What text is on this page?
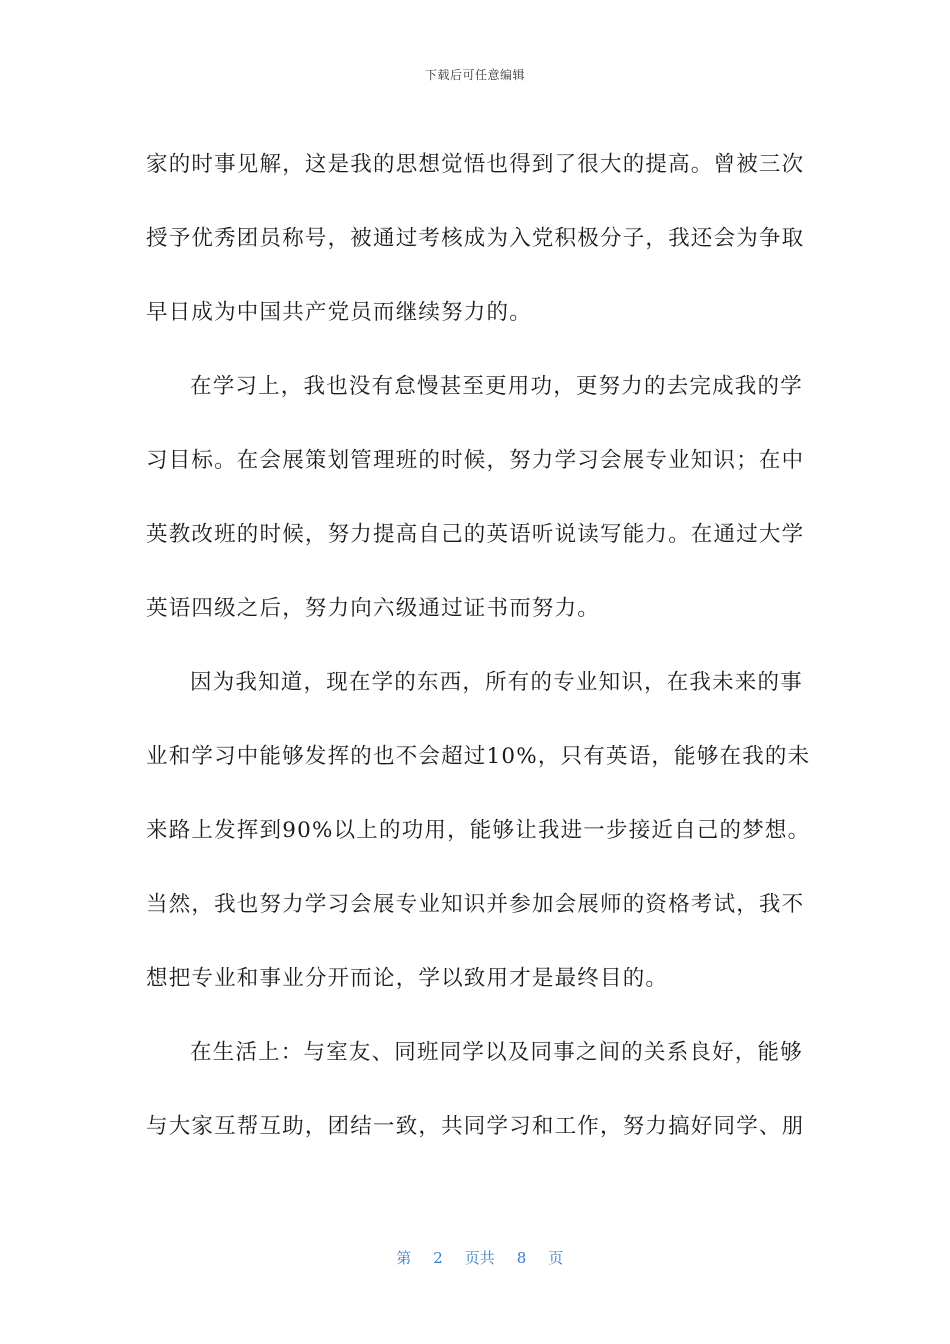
下载后可任意编辑
家的时事见解，这是我的思想觉悟也得到了很大的提高。曾被三次
授予优秀团员称号，被通过考核成为入党积极分子，我还会为争取
早日成为中国共产党员而继续努力的。
在学习上，我也没有怠慢甚至更用功，更努力的去完成我的学
习目标。在会展策划管理班的时候，努力学习会展专业知识；在中
英教改班的时候，努力提高自己的英语听说读写能力。在通过大学
英语四级之后，努力向六级通过证书而努力。
因为我知道，现在学的东西，所有的专业知识，在我未来的事
业和学习中能够发挥的也不会超过10%，只有英语，能够在我的未
来路上发挥到90%以上的功用，能够让我进一步接近自己的梦想。
当然，我也努力学习会展专业知识并参加会展师的资格考试，我不
想把专业和事业分开而论，学以致用才是最终目的。
在生活上：与室友、同班同学以及同事之间的关系良好，能够
与大家互帮互助，团结一致，共同学习和工作，努力搞好同学、朋

第 2 页共 8 页
